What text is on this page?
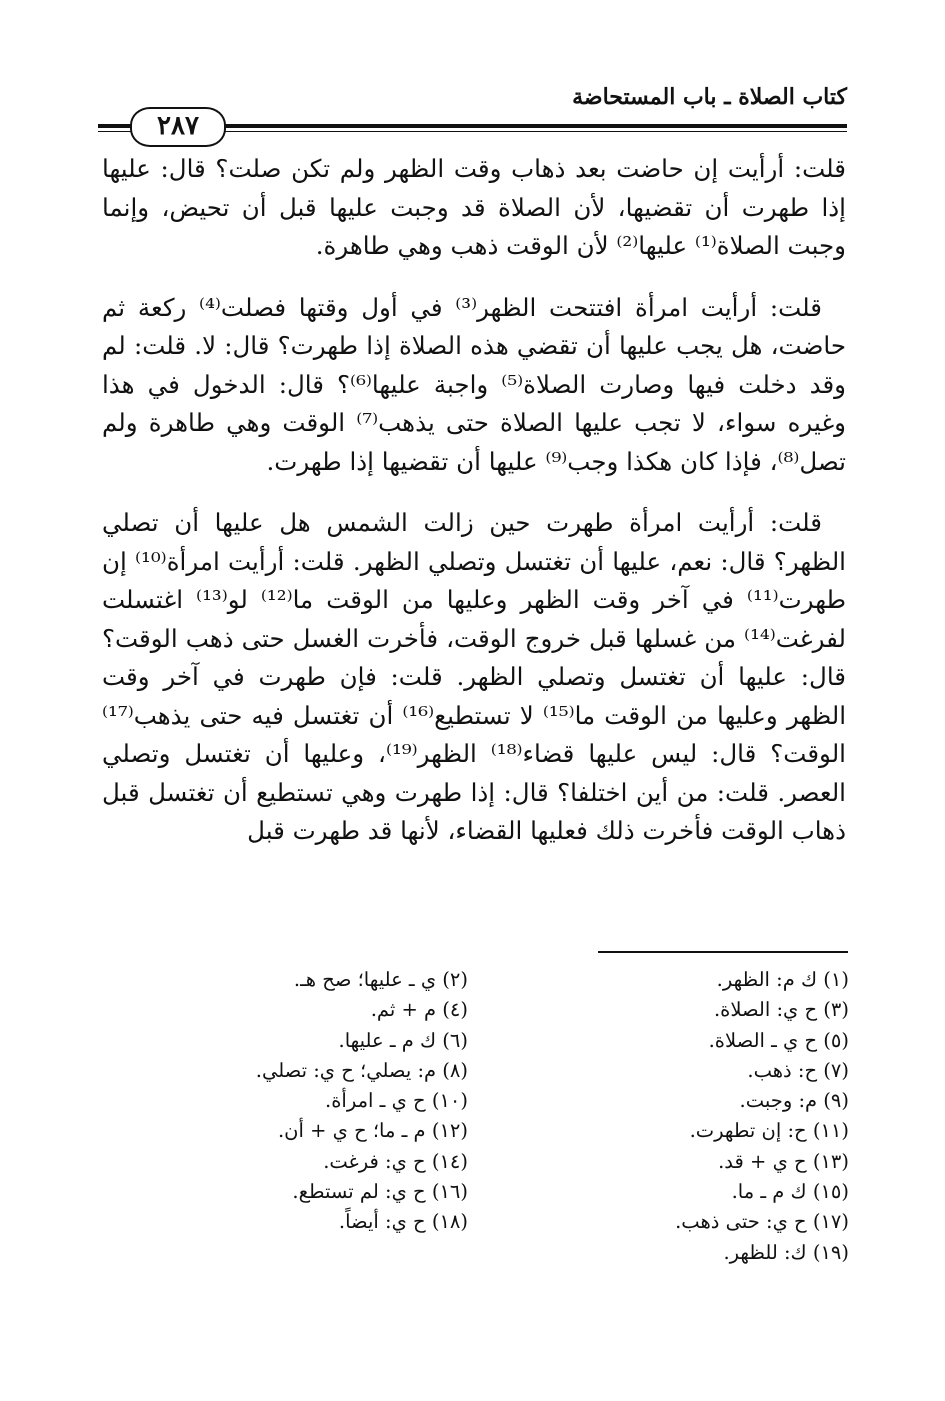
كتاب الصلاة ـ باب المستحاضة
٢٨٧

قلت: أرأيت إن حاضت بعد ذهاب وقت الظهر ولم تكن صلت؟ قال: عليها إذا طهرت أن تقضيها، لأن الصلاة قد وجبت عليها قبل أن تحيض، وإنما وجبت الصلاة⁽¹⁾ عليها⁽²⁾ لأن الوقت ذهب وهي طاهرة.

قلت: أرأيت امرأة افتتحت الظهر⁽³⁾ في أول وقتها فصلت⁽⁴⁾ ركعة ثم حاضت، هل يجب عليها أن تقضي هذه الصلاة إذا طهرت؟ قال: لا. قلت: لم وقد دخلت فيها وصارت الصلاة⁽⁵⁾ واجبة عليها⁽⁶⁾؟ قال: الدخول في هذا وغيره سواء، لا تجب عليها الصلاة حتى يذهب⁽⁷⁾ الوقت وهي طاهرة ولم تصل⁽⁸⁾، فإذا كان هكذا وجب⁽⁹⁾ عليها أن تقضيها إذا طهرت.

قلت: أرأيت امرأة طهرت حين زالت الشمس هل عليها أن تصلي الظهر؟ قال: نعم، عليها أن تغتسل وتصلي الظهر. قلت: أرأيت امرأة⁽¹⁰⁾ إن طهرت⁽¹¹⁾ في آخر وقت الظهر وعليها من الوقت ما⁽¹²⁾ لو⁽¹³⁾ اغتسلت لفرغت⁽¹⁴⁾ من غسلها قبل خروج الوقت، فأخرت الغسل حتى ذهب الوقت؟ قال: عليها أن تغتسل وتصلي الظهر. قلت: فإن طهرت في آخر وقت الظهر وعليها من الوقت ما⁽¹⁵⁾ لا تستطيع⁽¹⁶⁾ أن تغتسل فيه حتى يذهب⁽¹⁷⁾ الوقت؟ قال: ليس عليها قضاء⁽¹⁸⁾ الظهر⁽¹⁹⁾، وعليها أن تغتسل وتصلي العصر. قلت: من أين اختلفا؟ قال: إذا طهرت وهي تستطيع أن تغتسل قبل ذهاب الوقت فأخرت ذلك فعليها القضاء، لأنها قد طهرت قبل

(١) ك م: الظهر.
(٣) ح ي: الصلاة.
(٥) ح ي ـ الصلاة.
(٧) ح: ذهب.
(٩) م: وجبت.
(١١) ح: إن تطهرت.
(١٣) ح ي + قد.
(١٥) ك م ـ ما.
(١٧) ح ي: حتى ذهب.
(١٩) ك: للظهر.
(٢) ي ـ عليها؛ صح هـ.
(٤) م + ثم.
(٦) ك م ـ عليها.
(٨) م: يصلي؛ ح ي: تصلي.
(١٠) ح ي ـ امرأة.
(١٢) م ـ ما؛ ح ي + أن.
(١٤) ح ي: فرغت.
(١٦) ح ي: لم تستطع.
(١٨) ح ي: أيضاً.
